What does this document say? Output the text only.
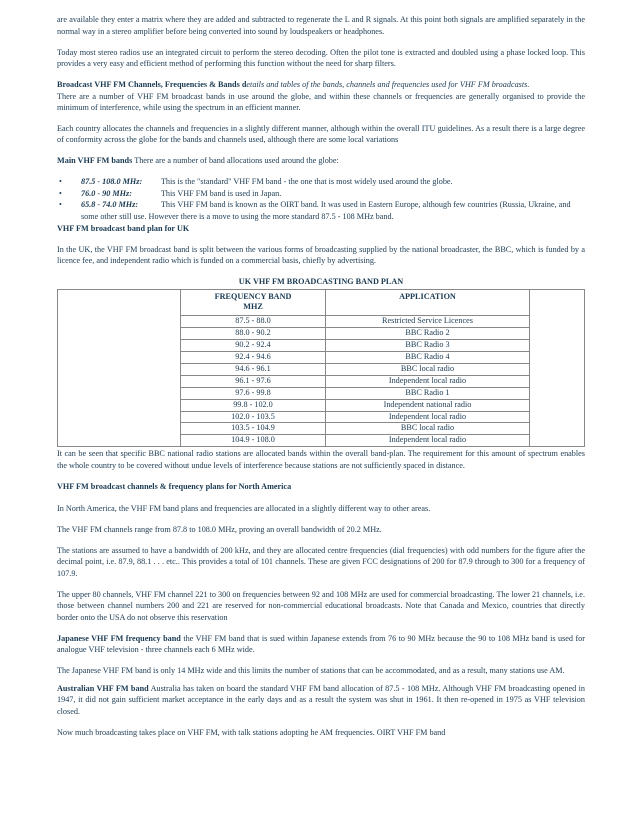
are available they enter a matrix where they are added and subtracted to regenerate the L and R signals. At this point both signals are amplified separately in the normal way in a stereo amplifier before being converted into sound by loudspeakers or headphones.

Today most stereo radios use an integrated circuit to perform the stereo decoding. Often the pilot tone is extracted and doubled using a phase locked loop. This provides a very easy and efficient method of performing this function without the need for sharp filters.

Broadcast VHF FM Channels, Frequencies & Bands details and tables of the bands, channels and frequencies used for VHF FM broadcasts.
There are a number of VHF FM broadcast bands in use around the globe, and within these channels or frequencies are generally organised to provide the minimum of interference, while using the spectrum in an efficient manner.

Each country allocates the channels and frequencies in a slightly different manner, although within the overall ITU guidelines. As a result there is a large degree of conformity across the globe for the bands and channels used, although there are some local variations

Main VHF FM bands There are a number of band allocations used around the globe:

• 87.5 - 108.0 MHz: This is the "standard" VHF FM band - the one that is most widely used around the globe.
• 76.0 - 90 MHz:	This VHF FM band is used in Japan.
• 65.8 - 74.0 MHz:	This VHF FM band is known as the OIRT band. It was used in Eastern Europe, although few countries (Russia, Ukraine, and some other still use. However there is a move to using the more standard 87.5 - 108 MHz band.

VHF FM broadcast band plan for UK

In the UK, the VHF FM broadcast band is split between the various forms of broadcasting supplied by the national broadcaster, the BBC, which is funded by a licence fee, and independent radio which is funded on a commercial basis, chiefly by advertising.

UK VHF FM BROADCASTING BAND PLAN
	FREQUENCY BAND
MHZ	APPLICATION	
	87.5 - 88.0	Restricted Service Licences	
	88.0 - 90.2	BBC Radio 2	
	90.2 - 92.4	BBC Radio 3	
	92.4 - 94.6	BBC Radio 4	
	94.6 - 96.1	BBC local radio	
	96.1 - 97.6	Independent local radio	
	97.6 - 99.8	BBC Radio 1	
	99.8 - 102.0	Independent national radio	
	102.0 - 103.5	Independent local radio	
	103.5 - 104.9	BBC local radio	
	104.9 - 108.0	Independent local radio	

It can be seen that specific BBC national radio stations are allocated bands within the overall band-plan. The requirement for this amount of spectrum enables the whole country to be covered without undue levels of interference because stations are not sufficiently spaced in distance.

VHF FM broadcast channels & frequency plans for North America

In North America, the VHF FM band plans and frequencies are allocated in a slightly different way to other areas.

The VHF FM channels range from 87.8 to 108.0 MHz, proving an overall bandwidth of 20.2 MHz.

The stations are assumed to have a bandwidth of 200 kHz, and they are allocated centre frequencies (dial frequencies) with odd numbers for the figure after the decimal point, i.e. 87.9, 88.1 . . . etc.. This provides a total of 101 channels. These are given FCC designations of 200 for 87.9 through to 300 for a frequency of 107.9.

The upper 80 channels, VHF FM channel 221 to 300 on frequencies between 92 and 108 MHz are used for commercial broadcasting. The lower 21 channels, i.e. those between channel numbers 200 and 221 are reserved for non-commercial educational broadcasts. Note that Canada and Mexico, countries that directly border onto the USA do not observe this reservation

Japanese VHF FM frequency band the VHF FM band that is sued within Japanese extends from 76 to 90 MHz because the 90 to 108 MHz band is used for analogue VHF television - three channels each 6 MHz wide.

The Japanese VHF FM band is only 14 MHz wide and this limits the number of stations that can be accommodated, and as a result, many stations use AM.

Australian VHF FM band Australia has taken on board the standard VHF FM band allocation of 87.5 - 108 MHz. Although VHF FM broadcasting opened in 1947, it did not gain sufficient market acceptance in the early days and as a result the system was shut in 1961. It then re-opened in 1975 as VHF television closed.

Now much broadcasting takes place on VHF FM, with talk stations adopting he AM frequencies. OIRT VHF FM band
